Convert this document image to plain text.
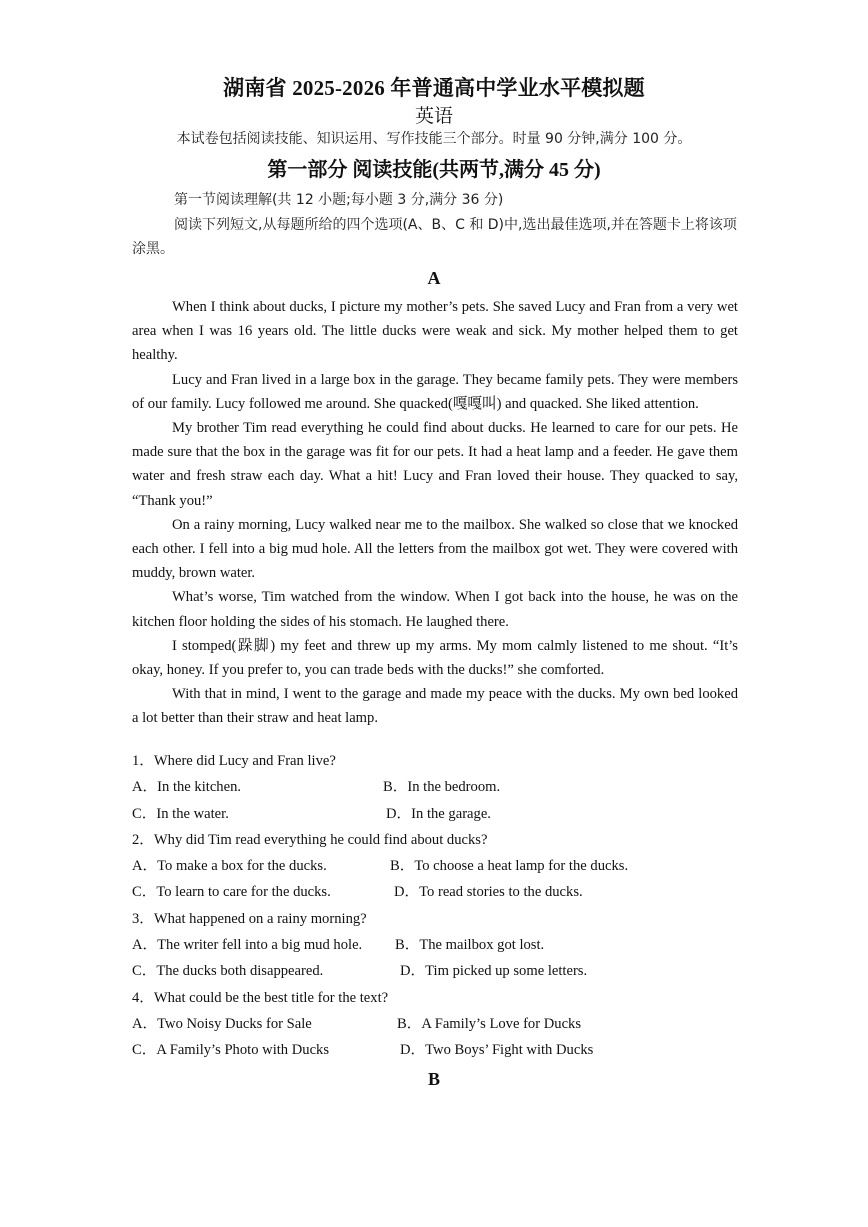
湖南省 2025-2026 年普通高中学业水平模拟题
英语
本试卷包括阅读技能、知识运用、写作技能三个部分。时量 90 分钟,满分 100 分。
第一部分 阅读技能(共两节,满分 45 分)
第一节阅读理解(共 12 小题;每小题 3 分,满分 36 分)
阅读下列短文,从每题所给的四个选项(A、B、C 和 D)中,选出最佳选项,并在答题卡上将该项涂黑。
A

When I think about ducks, I picture my mother’s pets. She saved Lucy and Fran from a very wet area when I was 16 years old. The little ducks were weak and sick. My mother helped them to get healthy.

Lucy and Fran lived in a large box in the garage. They became family pets. They were members of our family. Lucy followed me around. She quacked(嘎嘎叫) and quacked. She liked attention.

My brother Tim read everything he could find about ducks. He learned to care for our pets. He made sure that the box in the garage was fit for our pets. It had a heat lamp and a feeder. He gave them water and fresh straw each day. What a hit! Lucy and Fran loved their house. They quacked to say, “Thank you!”

On a rainy morning, Lucy walked near me to the mailbox. She walked so close that we knocked each other. I fell into a big mud hole. All the letters from the mailbox got wet. They were covered with muddy, brown water.

What’s worse, Tim watched from the window. When I got back into the house, he was on the kitchen floor holding the sides of his stomach. He laughed there.

I stomped(跺脚) my feet and threw up my arms. My mom calmly listened to me shout. “It’s okay, honey. If you prefer to, you can trade beds with the ducks!” she comforted.

With that in mind, I went to the garage and made my peace with the ducks. My own bed looked a lot better than their straw and heat lamp.

1．Where did Lucy and Fran live?
A．In the kitchen.	B．In the bedroom.
C．In the water.	D．In the garage.
2．Why did Tim read everything he could find about ducks?
A．To make a box for the ducks.	B．To choose a heat lamp for the ducks.
C．To learn to care for the ducks.	D．To read stories to the ducks.
3．What happened on a rainy morning?
A．The writer fell into a big mud hole. B．The mailbox got lost.
C．The ducks both disappeared.	D．Tim picked up some letters.
4．What could be the best title for the text?
A．Two Noisy Ducks for Sale	B．A Family’s Love for Ducks
C．A Family’s Photo with Ducks	D．Two Boys’ Fight with Ducks
B
